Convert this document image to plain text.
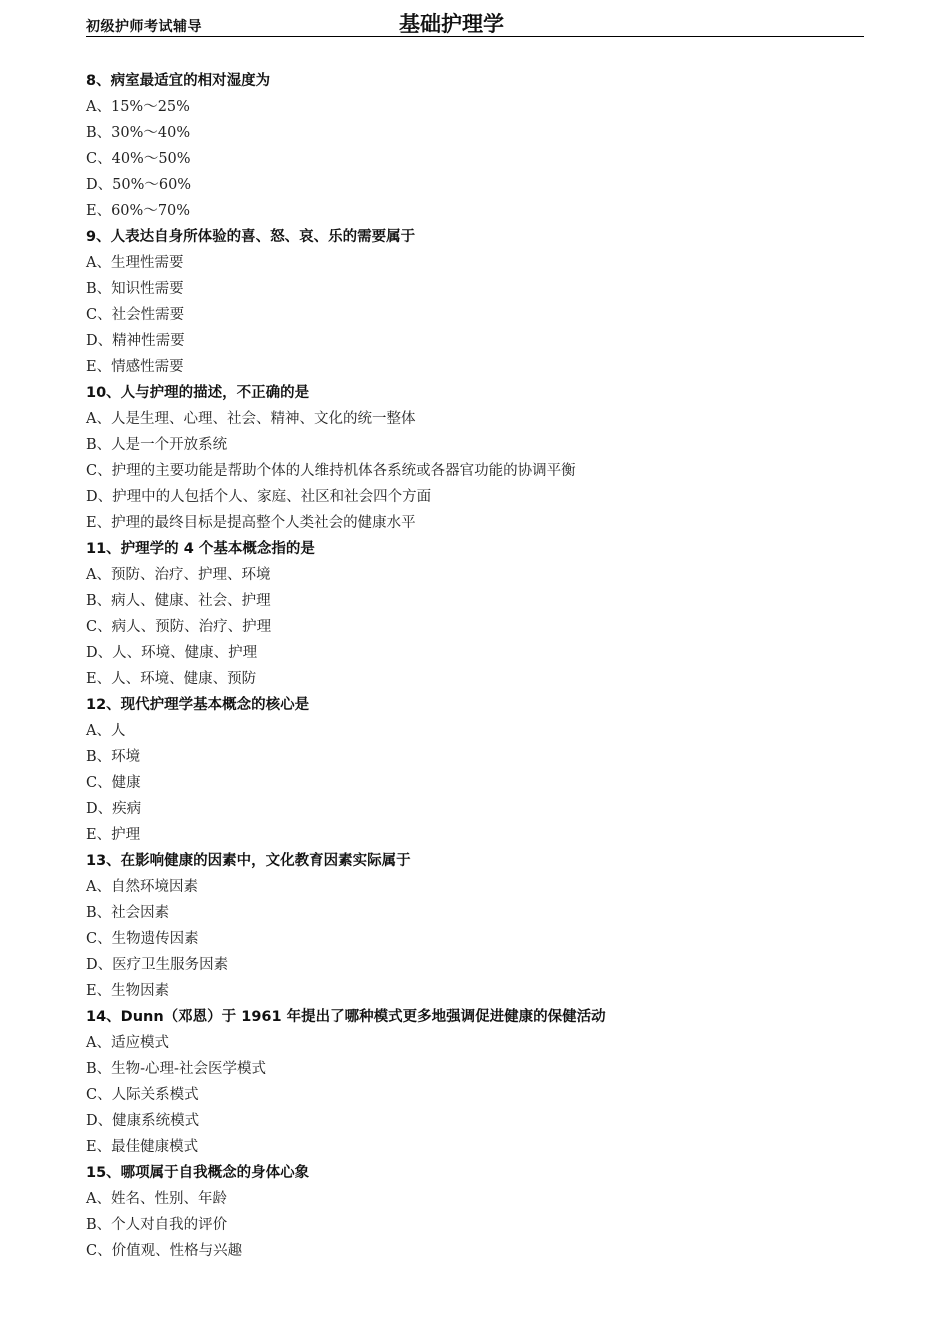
初级护师考试辅导	基础护理学
8、病室最适宜的相对湿度为
A、15%～25%
B、30%～40%
C、40%～50%
D、50%～60%
E、60%～70%
9、人表达自身所体验的喜、怒、哀、乐的需要属于
A、生理性需要
B、知识性需要
C、社会性需要
D、精神性需要
E、情感性需要
10、人与护理的描述，不正确的是
A、人是生理、心理、社会、精神、文化的统一整体
B、人是一个开放系统
C、护理的主要功能是帮助个体的人维持机体各系统或各器官功能的协调平衡
D、护理中的人包括个人、家庭、社区和社会四个方面
E、护理的最终目标是提高整个人类社会的健康水平
11、护理学的 4 个基本概念指的是
A、预防、治疗、护理、环境
B、病人、健康、社会、护理
C、病人、预防、治疗、护理
D、人、环境、健康、护理
E、人、环境、健康、预防
12、现代护理学基本概念的核心是
A、人
B、环境
C、健康
D、疾病
E、护理
13、在影响健康的因素中，文化教育因素实际属于
A、自然环境因素
B、社会因素
C、生物遗传因素
D、医疗卫生服务因素
E、生物因素
14、Dunn（邓恩）于 1961 年提出了哪种模式更多地强调促进健康的保健活动
A、适应模式
B、生物-心理-社会医学模式
C、人际关系模式
D、健康系统模式
E、最佳健康模式
15、哪项属于自我概念的身体心象
A、姓名、性别、年龄
B、个人对自我的评价
C、价值观、性格与兴趣
